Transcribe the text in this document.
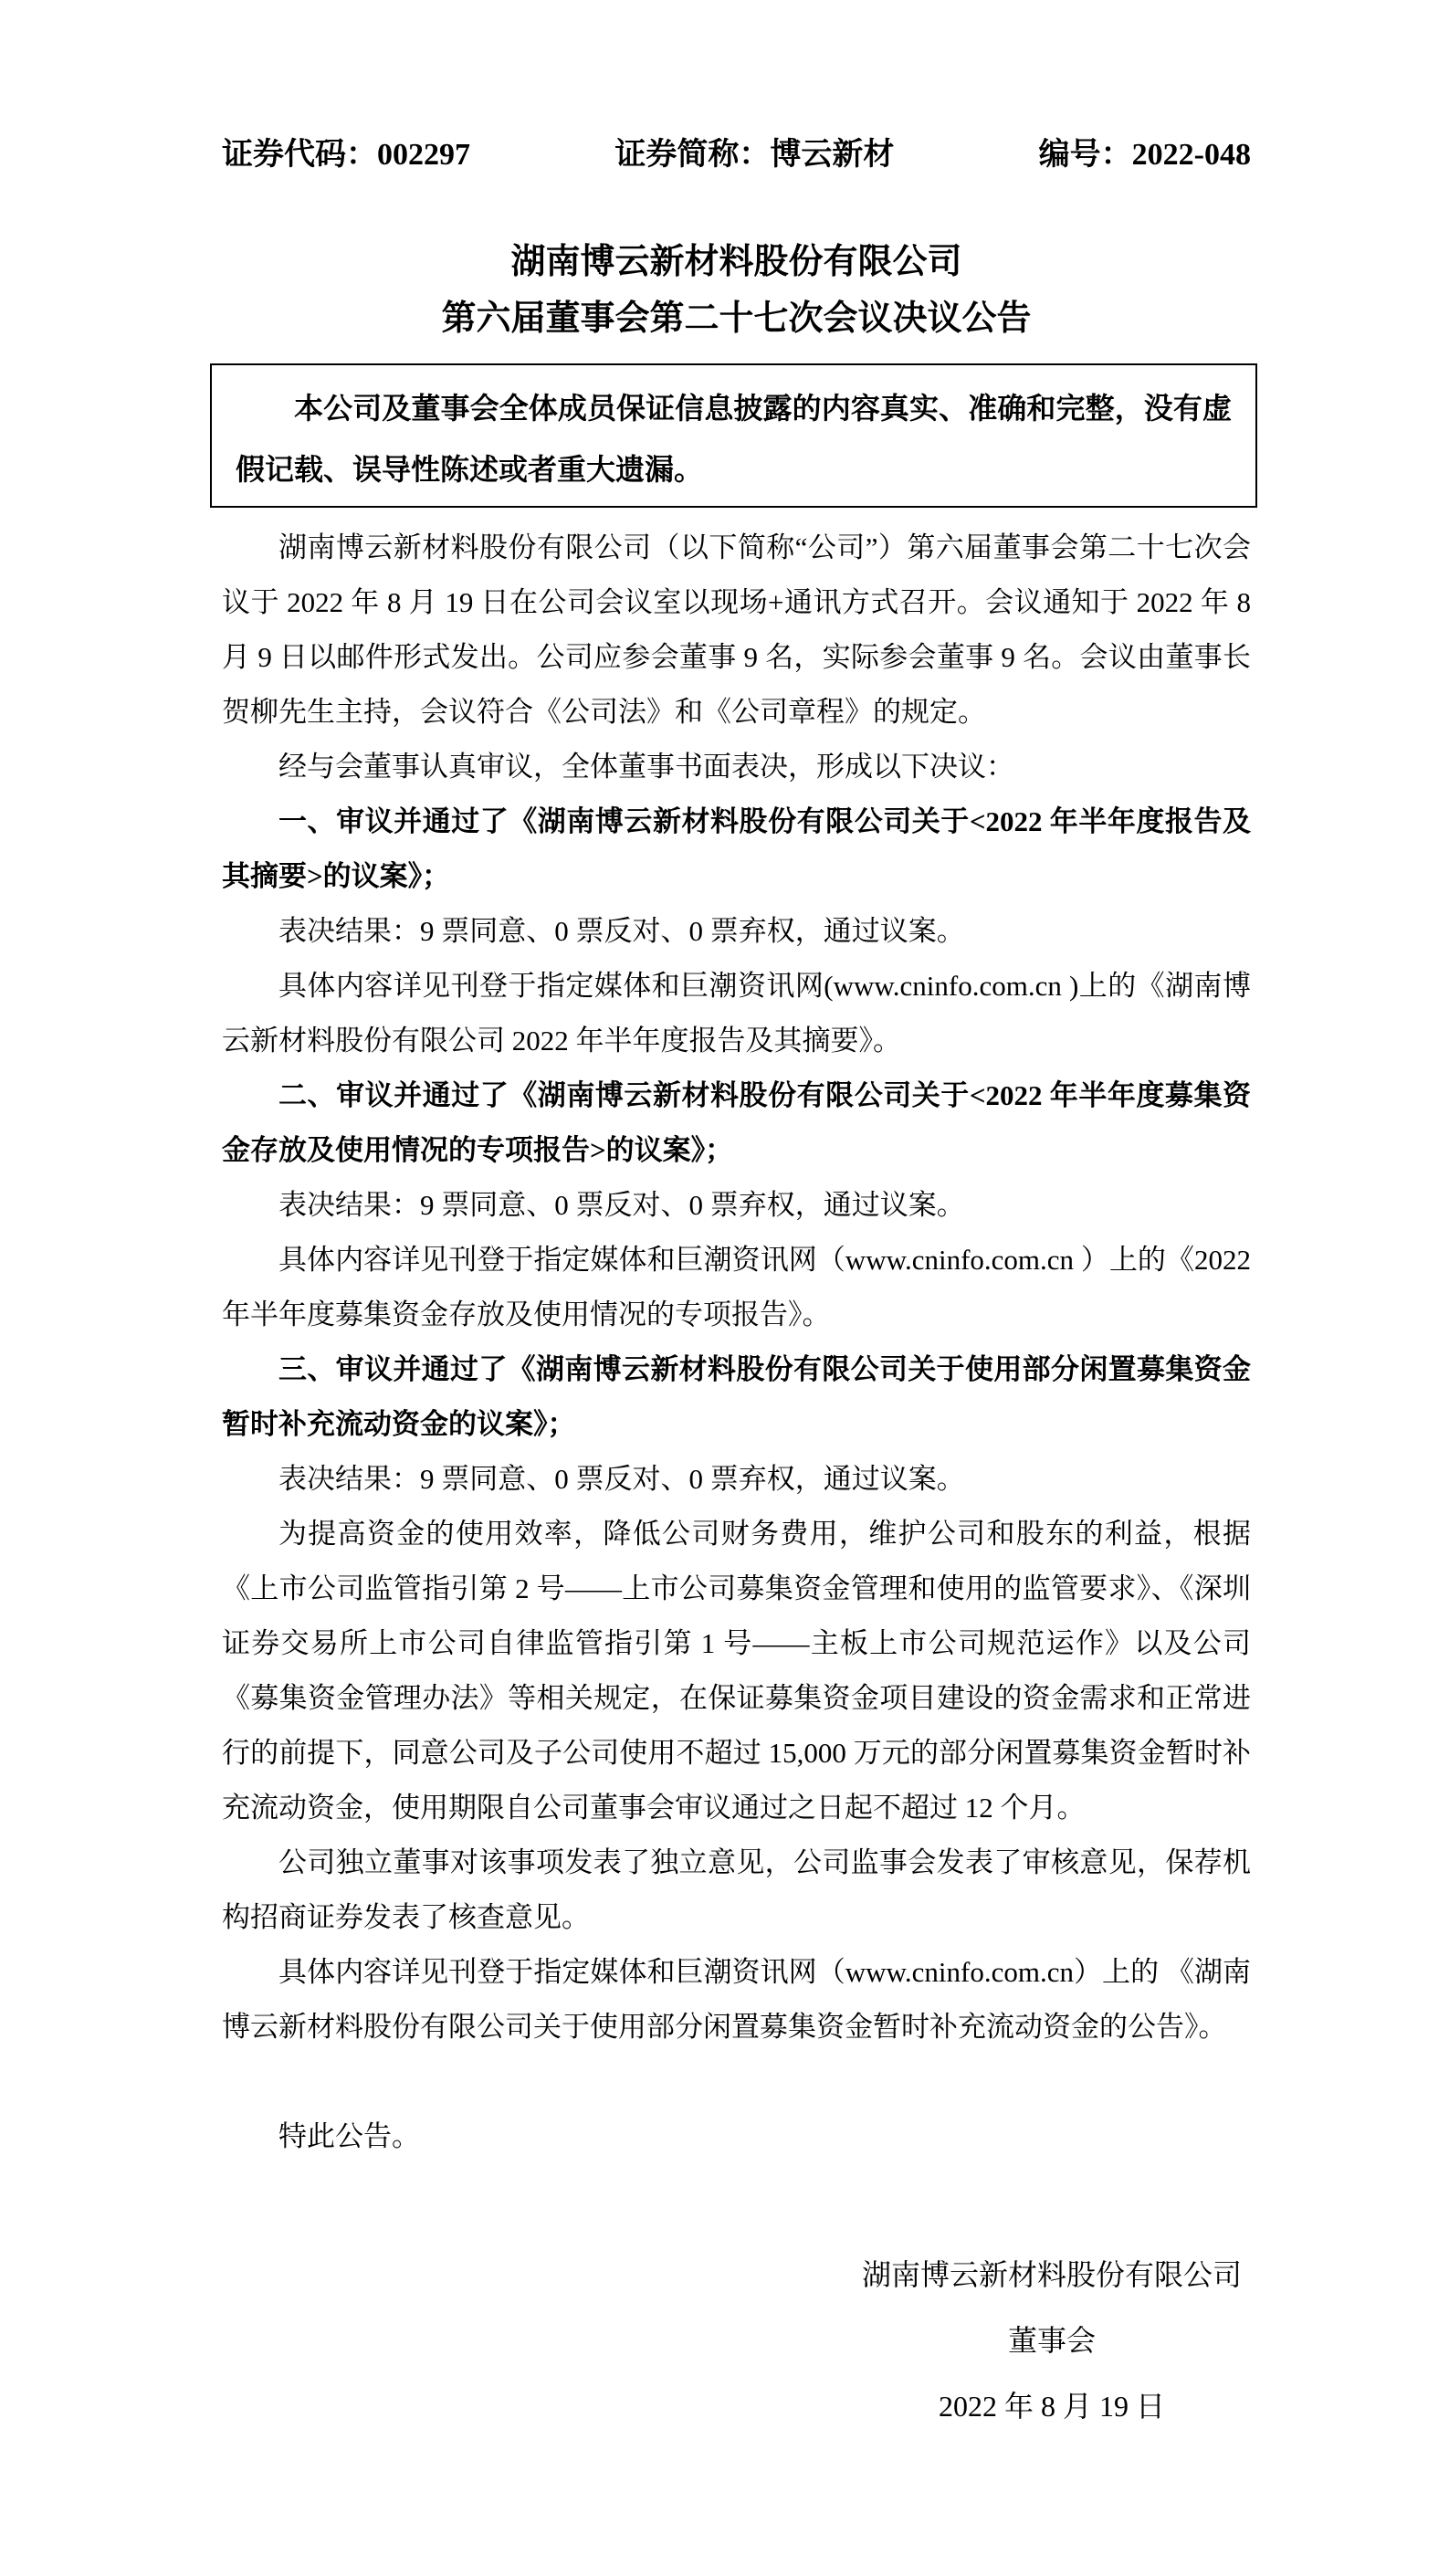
证券代码：002297	证券简称：博云新材	编号：2022-048
湖南博云新材料股份有限公司
第六届董事会第二十七次会议决议公告

本公司及董事会全体成员保证信息披露的内容真实、准确和完整，没有虚假记载、误导性陈述或者重大遗漏。

湖南博云新材料股份有限公司（以下简称“公司”）第六届董事会第二十七次会议于 2022 年 8 月 19 日在公司会议室以现场+通讯方式召开。会议通知于 2022 年 8 月 9 日以邮件形式发出。公司应参会董事 9 名，实际参会董事 9 名。会议由董事长贺柳先生主持，会议符合《公司法》和《公司章程》的规定。

经与会董事认真审议，全体董事书面表决，形成以下决议：

一、审议并通过了《湖南博云新材料股份有限公司关于<2022 年半年度报告及其摘要>的议案》；

表决结果：9 票同意、0 票反对、0 票弃权，通过议案。

具体内容详见刊登于指定媒体和巨潮资讯网(www.cninfo.com.cn )上的《湖南博云新材料股份有限公司 2022 年半年度报告及其摘要》。

二、审议并通过了《湖南博云新材料股份有限公司关于<2022 年半年度募集资金存放及使用情况的专项报告>的议案》；

表决结果：9 票同意、0 票反对、0 票弃权，通过议案。

具体内容详见刊登于指定媒体和巨潮资讯网（www.cninfo.com.cn ）上的《2022 年半年度募集资金存放及使用情况的专项报告》。

三、审议并通过了《湖南博云新材料股份有限公司关于使用部分闲置募集资金暂时补充流动资金的议案》；

表决结果：9 票同意、0 票反对、0 票弃权，通过议案。

为提高资金的使用效率，降低公司财务费用，维护公司和股东的利益，根据《上市公司监管指引第 2 号——上市公司募集资金管理和使用的监管要求》、《深圳证券交易所上市公司自律监管指引第 1 号——主板上市公司规范运作》以及公司《募集资金管理办法》等相关规定，在保证募集资金项目建设的资金需求和正常进行的前提下，同意公司及子公司使用不超过 15,000 万元的部分闲置募集资金暂时补充流动资金，使用期限自公司董事会审议通过之日起不超过 12 个月。

公司独立董事对该事项发表了独立意见，公司监事会发表了审核意见，保荐机构招商证券发表了核查意见。

具体内容详见刊登于指定媒体和巨潮资讯网（www.cninfo.com.cn）上的 《湖南博云新材料股份有限公司关于使用部分闲置募集资金暂时补充流动资金的公告》。

特此公告。

湖南博云新材料股份有限公司
董事会
2022 年 8 月 19 日
